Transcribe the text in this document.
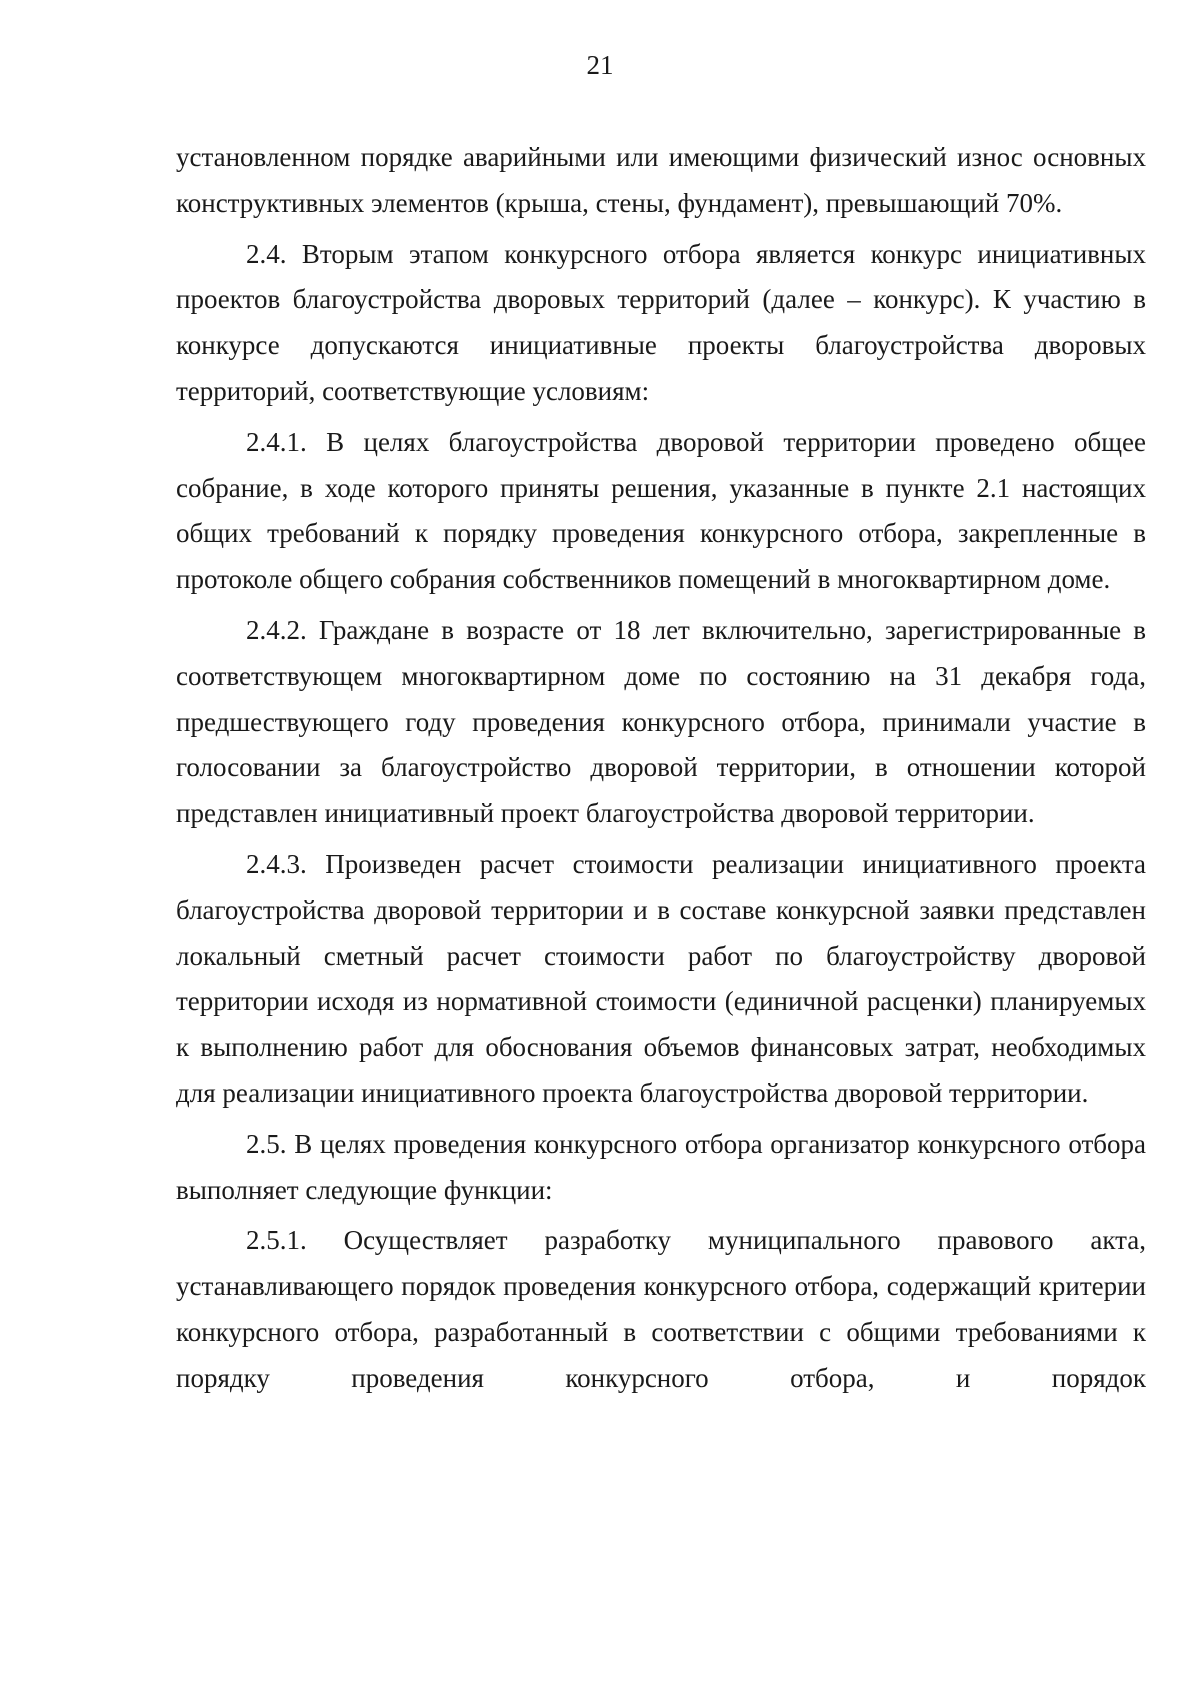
21

установленном порядке аварийными или имеющими физический износ основных конструктивных элементов (крыша, стены, фундамент), превышающий 70%.

2.4. Вторым этапом конкурсного отбора является конкурс инициативных проектов благоустройства дворовых территорий (далее – конкурс). К участию в конкурсе допускаются инициативные проекты благоустройства дворовых территорий, соответствующие условиям:

2.4.1. В целях благоустройства дворовой территории проведено общее собрание, в ходе которого приняты решения, указанные в пункте 2.1 настоящих общих требований к порядку проведения конкурсного отбора, закрепленные в протоколе общего собрания собственников помещений в многоквартирном доме.

2.4.2. Граждане в возрасте от 18 лет включительно, зарегистрированные в соответствующем многоквартирном доме по состоянию на 31 декабря года, предшествующего году проведения конкурсного отбора, принимали участие в голосовании за благоустройство дворовой территории, в отношении которой представлен инициативный проект благоустройства дворовой территории.

2.4.3. Произведен расчет стоимости реализации инициативного проекта благоустройства дворовой территории и в составе конкурсной заявки представлен локальный сметный расчет стоимости работ по благоустройству дворовой территории исходя из нормативной стоимости (единичной расценки) планируемых к выполнению работ для обоснования объемов финансовых затрат, необходимых для реализации инициативного проекта благоустройства дворовой территории.

2.5. В целях проведения конкурсного отбора организатор конкурсного отбора выполняет следующие функции:

2.5.1. Осуществляет разработку муниципального правового акта, устанавливающего порядок проведения конкурсного отбора, содержащий критерии конкурсного отбора, разработанный в соответствии с общими требованиями к порядку проведения конкурсного отбора, и порядок
